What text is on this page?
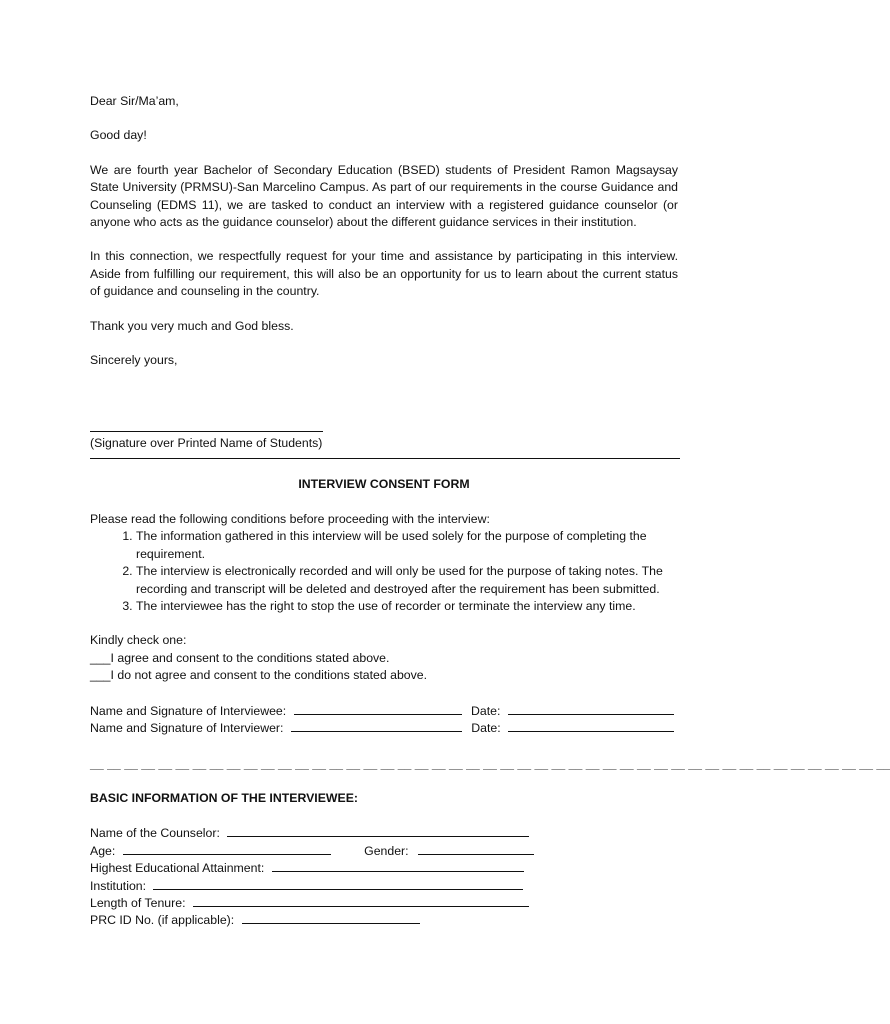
Dear Sir/Ma’am,

Good day!

We are fourth year Bachelor of Secondary Education (BSED) students of President Ramon Magsaysay State University (PRMSU)-San Marcelino Campus. As part of our requirements in the course Guidance and Counseling (EDMS 11), we are tasked to conduct an interview with a registered guidance counselor (or anyone who acts as the guidance counselor) about the different guidance services in their institution.

In this connection, we respectfully request for your time and assistance by participating in this interview. Aside from fulfilling our requirement, this will also be an opportunity for us to learn about the current status of guidance and counseling in the country.

Thank you very much and God bless.

Sincerely yours,

(Signature over Printed Name of Students)

INTERVIEW CONSENT FORM

Please read the following conditions before proceeding with the interview:

1. The information gathered in this interview will be used solely for the purpose of completing the requirement.
2. The interview is electronically recorded and will only be used for the purpose of taking notes. The recording and transcript will be deleted and destroyed after the requirement has been submitted.
3. The interviewee has the right to stop the use of recorder or terminate the interview any time.

Kindly check one:

___I agree and consent to the conditions stated above.

___I do not agree and consent to the conditions stated above.

Name and Signature of Interviewee:	Date:
Name and Signature of Interviewer:	Date:
__ __ __ __ __ __ __ __ __ __ __ __ __ __ __ __ __ __ __ __ __ __ __ __ __ __ __ __ __ __ __ __ __ __ __ __ __ __ __ __ __ __ __ __ __ __ __

BASIC INFORMATION OF THE INTERVIEWEE:

Name of the Counselor:
Age:	Gender:
Highest Educational Attainment:
Institution:
Length of Tenure:
PRC ID No. (if applicable):
